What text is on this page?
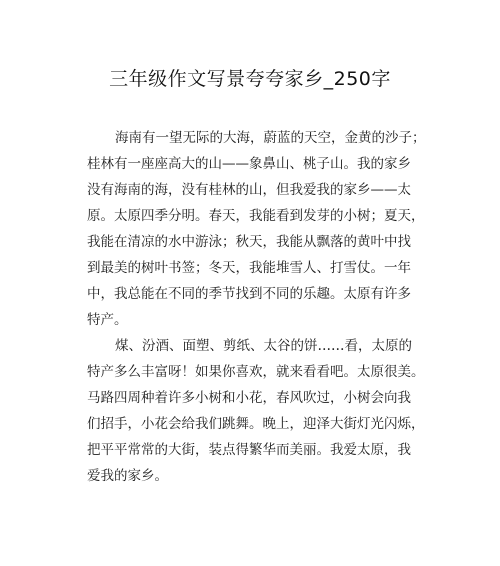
三年级作文写景夸夸家乡_250字

海南有一望无际的大海，蔚蓝的天空，金黄的沙子；
桂林有一座座高大的山——象鼻山、桃子山。我的家乡
没有海南的海，没有桂林的山，但我爱我的家乡——太
原。太原四季分明。春天，我能看到发芽的小树；夏天，
我能在清凉的水中游泳；秋天，我能从飘落的黄叶中找
到最美的树叶书签；冬天，我能堆雪人、打雪仗。一年
中，我总能在不同的季节找到不同的乐趣。太原有许多
特产。

煤、汾酒、面塑、剪纸、太谷的饼……看，太原的
特产多么丰富呀！如果你喜欢，就来看看吧。太原很美。
马路四周种着许多小树和小花，春风吹过，小树会向我
们招手，小花会给我们跳舞。晚上，迎泽大街灯光闪烁，
把平平常常的大街，装点得繁华而美丽。我爱太原，我
爱我的家乡。
